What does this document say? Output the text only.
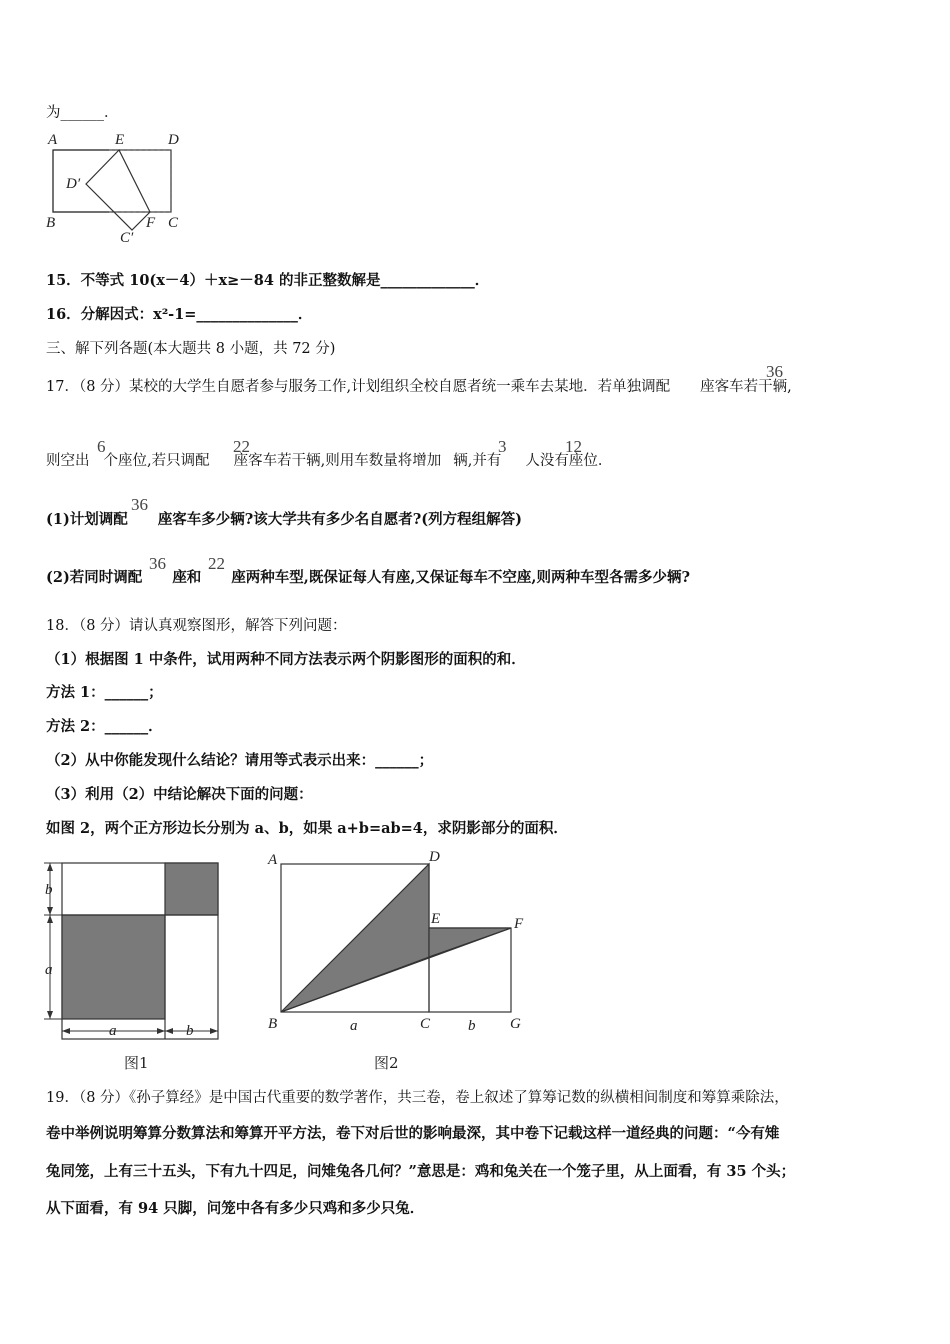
为______．
A	E	D
D′
B
C′
F C
15．不等式 10(x－4）＋x≥－84 的非正整数解是_____________．
16．分解因式：x²-1=______________．
三、解下列各题(本大题共 8 小题，共 72 分)
17．（8 分）某校的大学生自愿者参与服务工作,计划组织全校自愿者统一乘车去某地．若单独调配 座客车若干辆,
36
则空出 个座位,若只调配 座客车若干辆,则用车数量将增加 辆,并有 人没有座位．
6	22	3	12
(1)计划调配 座客车多少辆?该大学共有多少名自愿者?(列方程组解答)
36
(2)若同时调配 座和 座两种车型,既保证每人有座,又保证每车不空座,则两种车型各需多少辆?
36 22
18．（8 分）请认真观察图形，解答下列问题：
（1）根据图 1 中条件，试用两种不同方法表示两个阴影图形的面积的和．
方法 1：______；
方法 2：______．
（2）从中你能发现什么结论？请用等式表示出来：______；
（3）利用（2）中结论解决下面的问题：
如图 2，两个正方形边长分别为 a、b，如果 a+b=ab=4，求阴影部分的面积．
b
a
a	b
图1
A	D
E	F
B	C	G
a	b
图2
19．（8 分）《孙子算经》是中国古代重要的数学著作，共三卷，卷上叙述了算筹记数的纵横相间制度和筹算乘除法，
卷中举例说明筹算分数算法和筹算开平方法，卷下对后世的影响最深，其中卷下记载这样一道经典的问题：“今有雉
兔同笼，上有三十五头，下有九十四足，问雉兔各几何？”意思是：鸡和兔关在一个笼子里，从上面看，有 35 个头；
从下面看，有 94 只脚，问笼中各有多少只鸡和多少只兔．
